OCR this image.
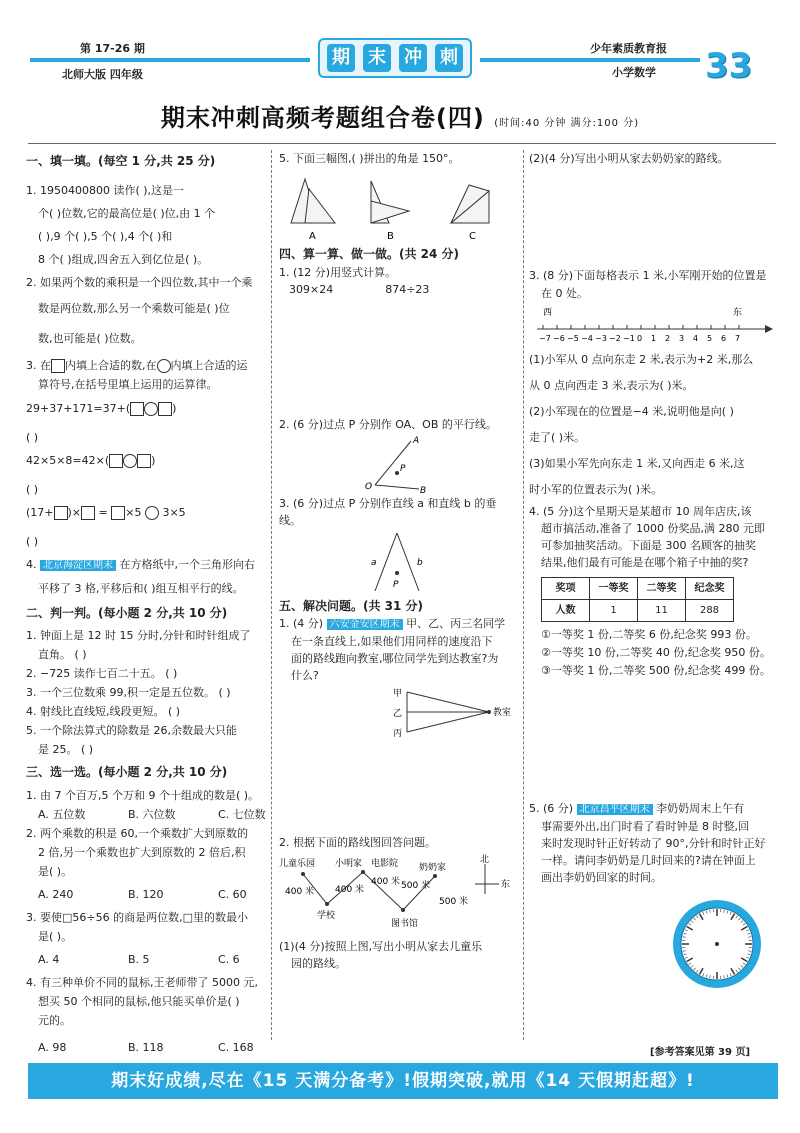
第 17-26 期
北师大版 四年级
期 末 冲 刺	少年素质教育报
小学数学 33
期末冲刺高频考题组合卷(四) (时间:40 分钟 满分:100 分)
一、填一填。(每空 1 分,共 25 分)
1. 1950400800 读作( ),这是一
个( )位数,它的最高位是( )位,由 1 个
( ),9 个( ),5 个( ),4 个( )和
8 个( )组成,四舍五入到亿位是( )。
2. 如果两个数的乘积是一个四位数,其中一个乘
数是两位数,那么另一个乘数可能是( )位
数,也可能是( )位数。
3. 在 内填上合适的数,在 内填上合适的运
算符号,在括号里填上运用的运算律。
29+37+171=37+(	)
( )
42×5×8=42×(	)
( )
(17+ )× = ×5 3×5
( )
4. 北京海淀区期末 在方格纸中,一个三角形向右
平移了 3 格,平移后和( )组互相平行的线。
二、判一判。(每小题 2 分,共 10 分)
1. 钟面上是 12 时 15 分时,分针和时针组成了
直角。 ( )
2. −725 读作七百二十五。 ( )
3. 一个三位数乘 99,积一定是五位数。 ( )
4. 射线比直线短,线段更短。 ( )
5. 一个除法算式的除数是 26,余数最大只能
是 25。 ( )
三、选一选。(每小题 2 分,共 10 分)
1. 由 7 个百万,5 个万和 9 个十组成的数是( )。
A. 五位数	B. 六位数	C. 七位数
2. 两个乘数的积是 60,一个乘数扩大到原数的
2 倍,另一个乘数也扩大到原数的 2 倍后,积
是( )。
A. 240	B. 120	C. 60
3. 要使□56÷56 的商是两位数,□里的数最小
是( )。
A. 4	B. 5	C. 6
4. 有三种单价不同的鼠标,王老师带了 5000 元,
想买 50 个相同的鼠标,他只能买单价是( )
元的。
A. 98	B. 118	C. 168
5. 下面三幅图,( )拼出的角是 150°。
A	B	C
四、算一算、做一做。(共 24 分)
1. (12 分)用竖式计算。
309×24	874÷23
2. (6 分)过点 P 分别作 OA、OB 的平行线。
A
P
O	B
3. (6 分)过点 P 分别作直线 a 和直线 b 的垂线。
a	b
P
五、解决问题。(共 31 分)
1. (4 分) 六安金安区期末 甲、乙、丙三名同学
在一条直线上,如果他们用同样的速度沿下
面的路线跑向教室,哪位同学先到达教室?为
什么?
甲
乙
丙
教室
2. 根据下面的路线图回答问题。
儿童乐园 小明家 电影院 奶奶家
学校
图书馆
北
东
400 米 400 米
400 米 500 米
500 米
(1)(4 分)按照上图,写出小明从家去儿童乐
园的路线。
(2)(4 分)写出小明从家去奶奶家的路线。
3. (8 分)下面每格表示 1 米,小军刚开始的位置是
在 0 处。
西	东
−7 −6 −5 −4 −3 −2 −1 0 1 2 3 4 5 6 7
(1)小军从 0 点向东走 2 米,表示为+2 米,那么
从 0 点向西走 3 米,表示为( )米。
(2)小军现在的位置是−4 米,说明他是向( )
走了( )米。
(3)如果小军先向东走 1 米,又向西走 6 米,这
时小军的位置表示为( )米。
4. (5 分)这个星期天是某超市 10 周年店庆,该
超市搞活动,准备了 1000 份奖品,满 280 元即
可参加抽奖活动。下面是 300 名顾客的抽奖
结果,他们最有可能是在哪个箱子中抽的奖?
奖项	一等奖	二等奖	纪念奖
人数	1	11	288
①一等奖 1 份,二等奖 6 份,纪念奖 993 份。
②一等奖 10 份,二等奖 40 份,纪念奖 950 份。
③一等奖 1 份,二等奖 500 份,纪念奖 499 份。
5. (6 分) 北京昌平区期末 李奶奶周末上午有
事需要外出,出门时看了看时钟是 8 时整,回
来时发现时针正好转动了 90°,分针和时针正好
一样。请问李奶奶是几时回来的?请在钟面上
画出李奶奶回家的时间。
[参考答案见第 39 页]
期末好成绩,尽在《15 天满分备考》!假期突破,就用《14 天假期赶超》!
